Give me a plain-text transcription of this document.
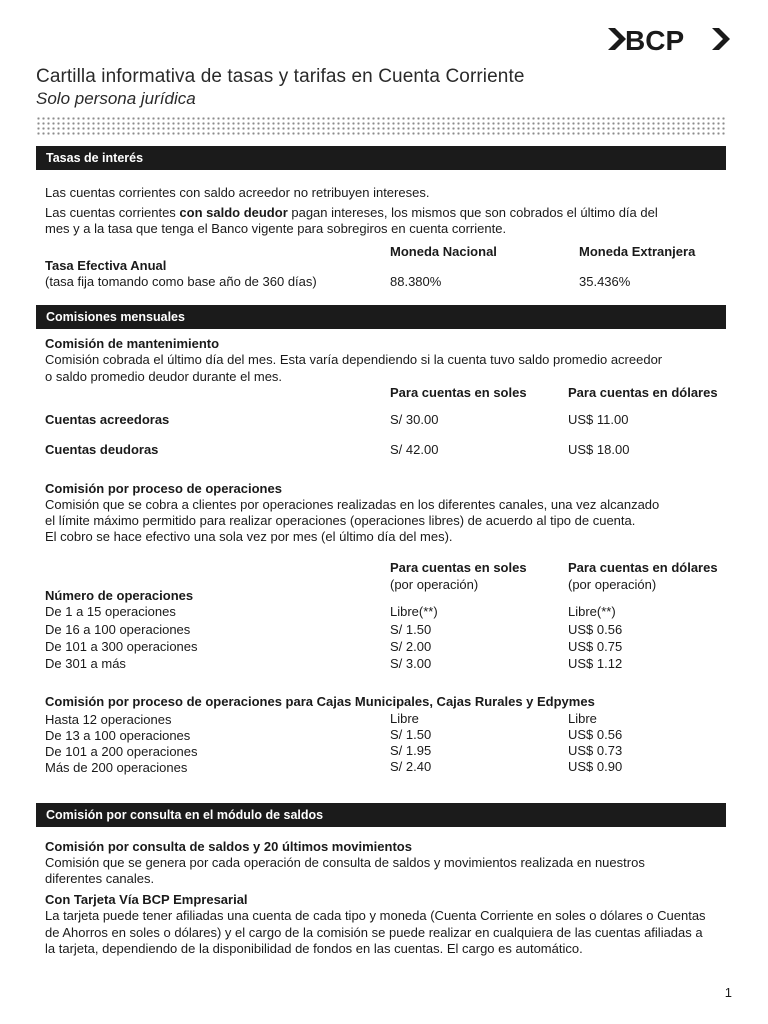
BCP
Cartilla informativa de tasas y tarifas en Cuenta Corriente
Solo persona jurídica
Tasas de interés
Las cuentas corrientes con saldo acreedor no retribuyen intereses.
Las cuentas corrientes con saldo deudor pagan intereses, los mismos que son cobrados el último día del
mes y a la tasa que tenga el Banco vigente para sobregiros en cuenta corriente.
Moneda Nacional	Moneda Extranjera
Tasa Efectiva Anual
(tasa fija tomando como base año de 360 días)	88.380%	35.436%
Comisiones mensuales
Comisión de mantenimiento
Comisión cobrada el último día del mes. Esta varía dependiendo si la cuenta tuvo saldo promedio acreedor
o saldo promedio deudor durante el mes.
Para cuentas en soles	Para cuentas en dólares
Cuentas acreedoras	S/ 30.00	US$ 11.00
Cuentas deudoras	S/ 42.00	US$ 18.00
Comisión por proceso de operaciones
Comisión que se cobra a clientes por operaciones realizadas en los diferentes canales, una vez alcanzado
el límite máximo permitido para realizar operaciones (operaciones libres) de acuerdo al tipo de cuenta.
El cobro se hace efectivo una sola vez por mes (el último día del mes).
Para cuentas en soles	Para cuentas en dólares
(por operación)	(por operación)
Número de operaciones
De 1 a 15 operaciones	Libre(**)	Libre(**)
De 16 a 100 operaciones	S/ 1.50	US$ 0.56
De 101 a 300 operaciones	S/ 2.00	US$ 0.75
De 301 a más	S/ 3.00	US$ 1.12
Comisión por proceso de operaciones para Cajas Municipales, Cajas Rurales y Edpymes
Hasta 12 operaciones	Libre	Libre
De 13 a 100 operaciones	S/ 1.50	US$ 0.56
De 101 a 200 operaciones	S/ 1.95	US$ 0.73
Más de 200 operaciones	S/ 2.40	US$ 0.90
Comisión por consulta en el módulo de saldos
Comisión por consulta de saldos y 20 últimos movimientos
Comisión que se genera por cada operación de consulta de saldos y movimientos realizada en nuestros
diferentes canales.
Con Tarjeta Vía BCP Empresarial
La tarjeta puede tener afiliadas una cuenta de cada tipo y moneda (Cuenta Corriente en soles o dólares o Cuentas
de Ahorros en soles o dólares) y el cargo de la comisión se puede realizar en cualquiera de las cuentas afiliadas a
la tarjeta, dependiendo de la disponibilidad de fondos en las cuentas. El cargo es automático.
1
